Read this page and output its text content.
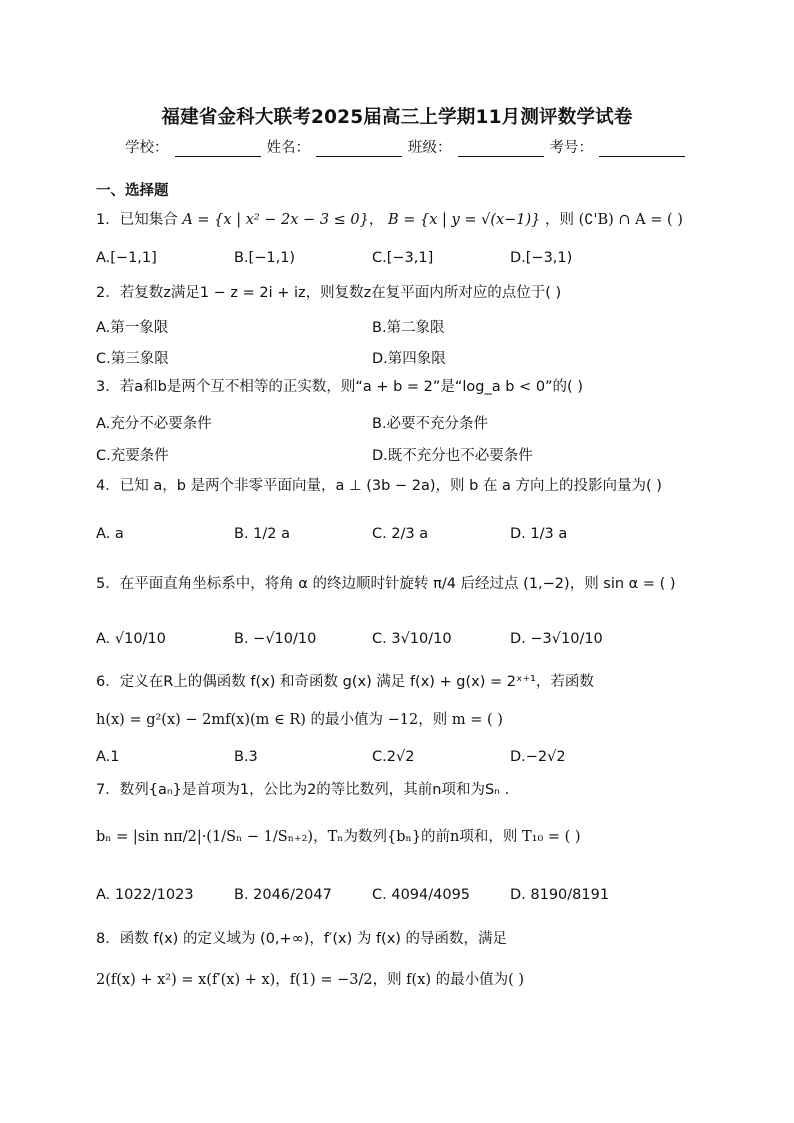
福建省金科大联考2025届高三上学期11月测评数学试卷
学校：	姓名：	班级：	考号：
一、选择题
1．已知集合 A = {x | x² − 2x − 3 ≤ 0}， B = {x | y = √(x−1)} ，则 (∁ꞌB) ∩ A = ( )
A.[−1,1]	B.[−1,1)	C.[−3,1]	D.[−3,1)
2．若复数z满足1 − z = 2i + iz，则复数z在复平面内所对应的点位于( )
A.第一象限	B.第二象限
C.第三象限	D.第四象限
3．若a和b是两个互不相等的正实数，则“a + b = 2”是“log_a b < 0”的( )
A.充分不必要条件	B.必要不充分条件
C.充要条件	D.既不充分也不必要条件
4．已知 a，b 是两个非零平面向量，a ⊥ (3b − 2a)，则 b 在 a 方向上的投影向量为( )
A. a	B. 1/2 a	C. 2/3 a	D. 1/3 a
5．在平面直角坐标系中，将角 α 的终边顺时针旋转 π/4 后经过点 (1,−2)，则 sin α = ( )
A. √10/10	B. −√10/10	C. 3√10/10	D. −3√10/10
6．定义在R上的偶函数 f(x) 和奇函数 g(x) 满足 f(x) + g(x) = 2ˣ⁺¹，若函数
h(x) = g²(x) − 2mf(x)(m ∈ R) 的最小值为 −12，则 m = ( )
A.1	B.3	C.2√2	D.−2√2
7．数列{aₙ}是首项为1，公比为2的等比数列，其前n项和为Sₙ .
bₙ = |sin nπ/2|·(1/Sₙ − 1/Sₙ₊₂)，Tₙ为数列{bₙ}的前n项和，则 T₁₀ = ( )
A. 1022/1023	B. 2046/2047	C. 4094/4095	D. 8190/8191
8．函数 f(x) 的定义域为 (0,+∞)，f′(x) 为 f(x) 的导函数，满足
2(f(x) + x²) = x(f′(x) + x)，f(1) = −3/2，则 f(x) 的最小值为( )
